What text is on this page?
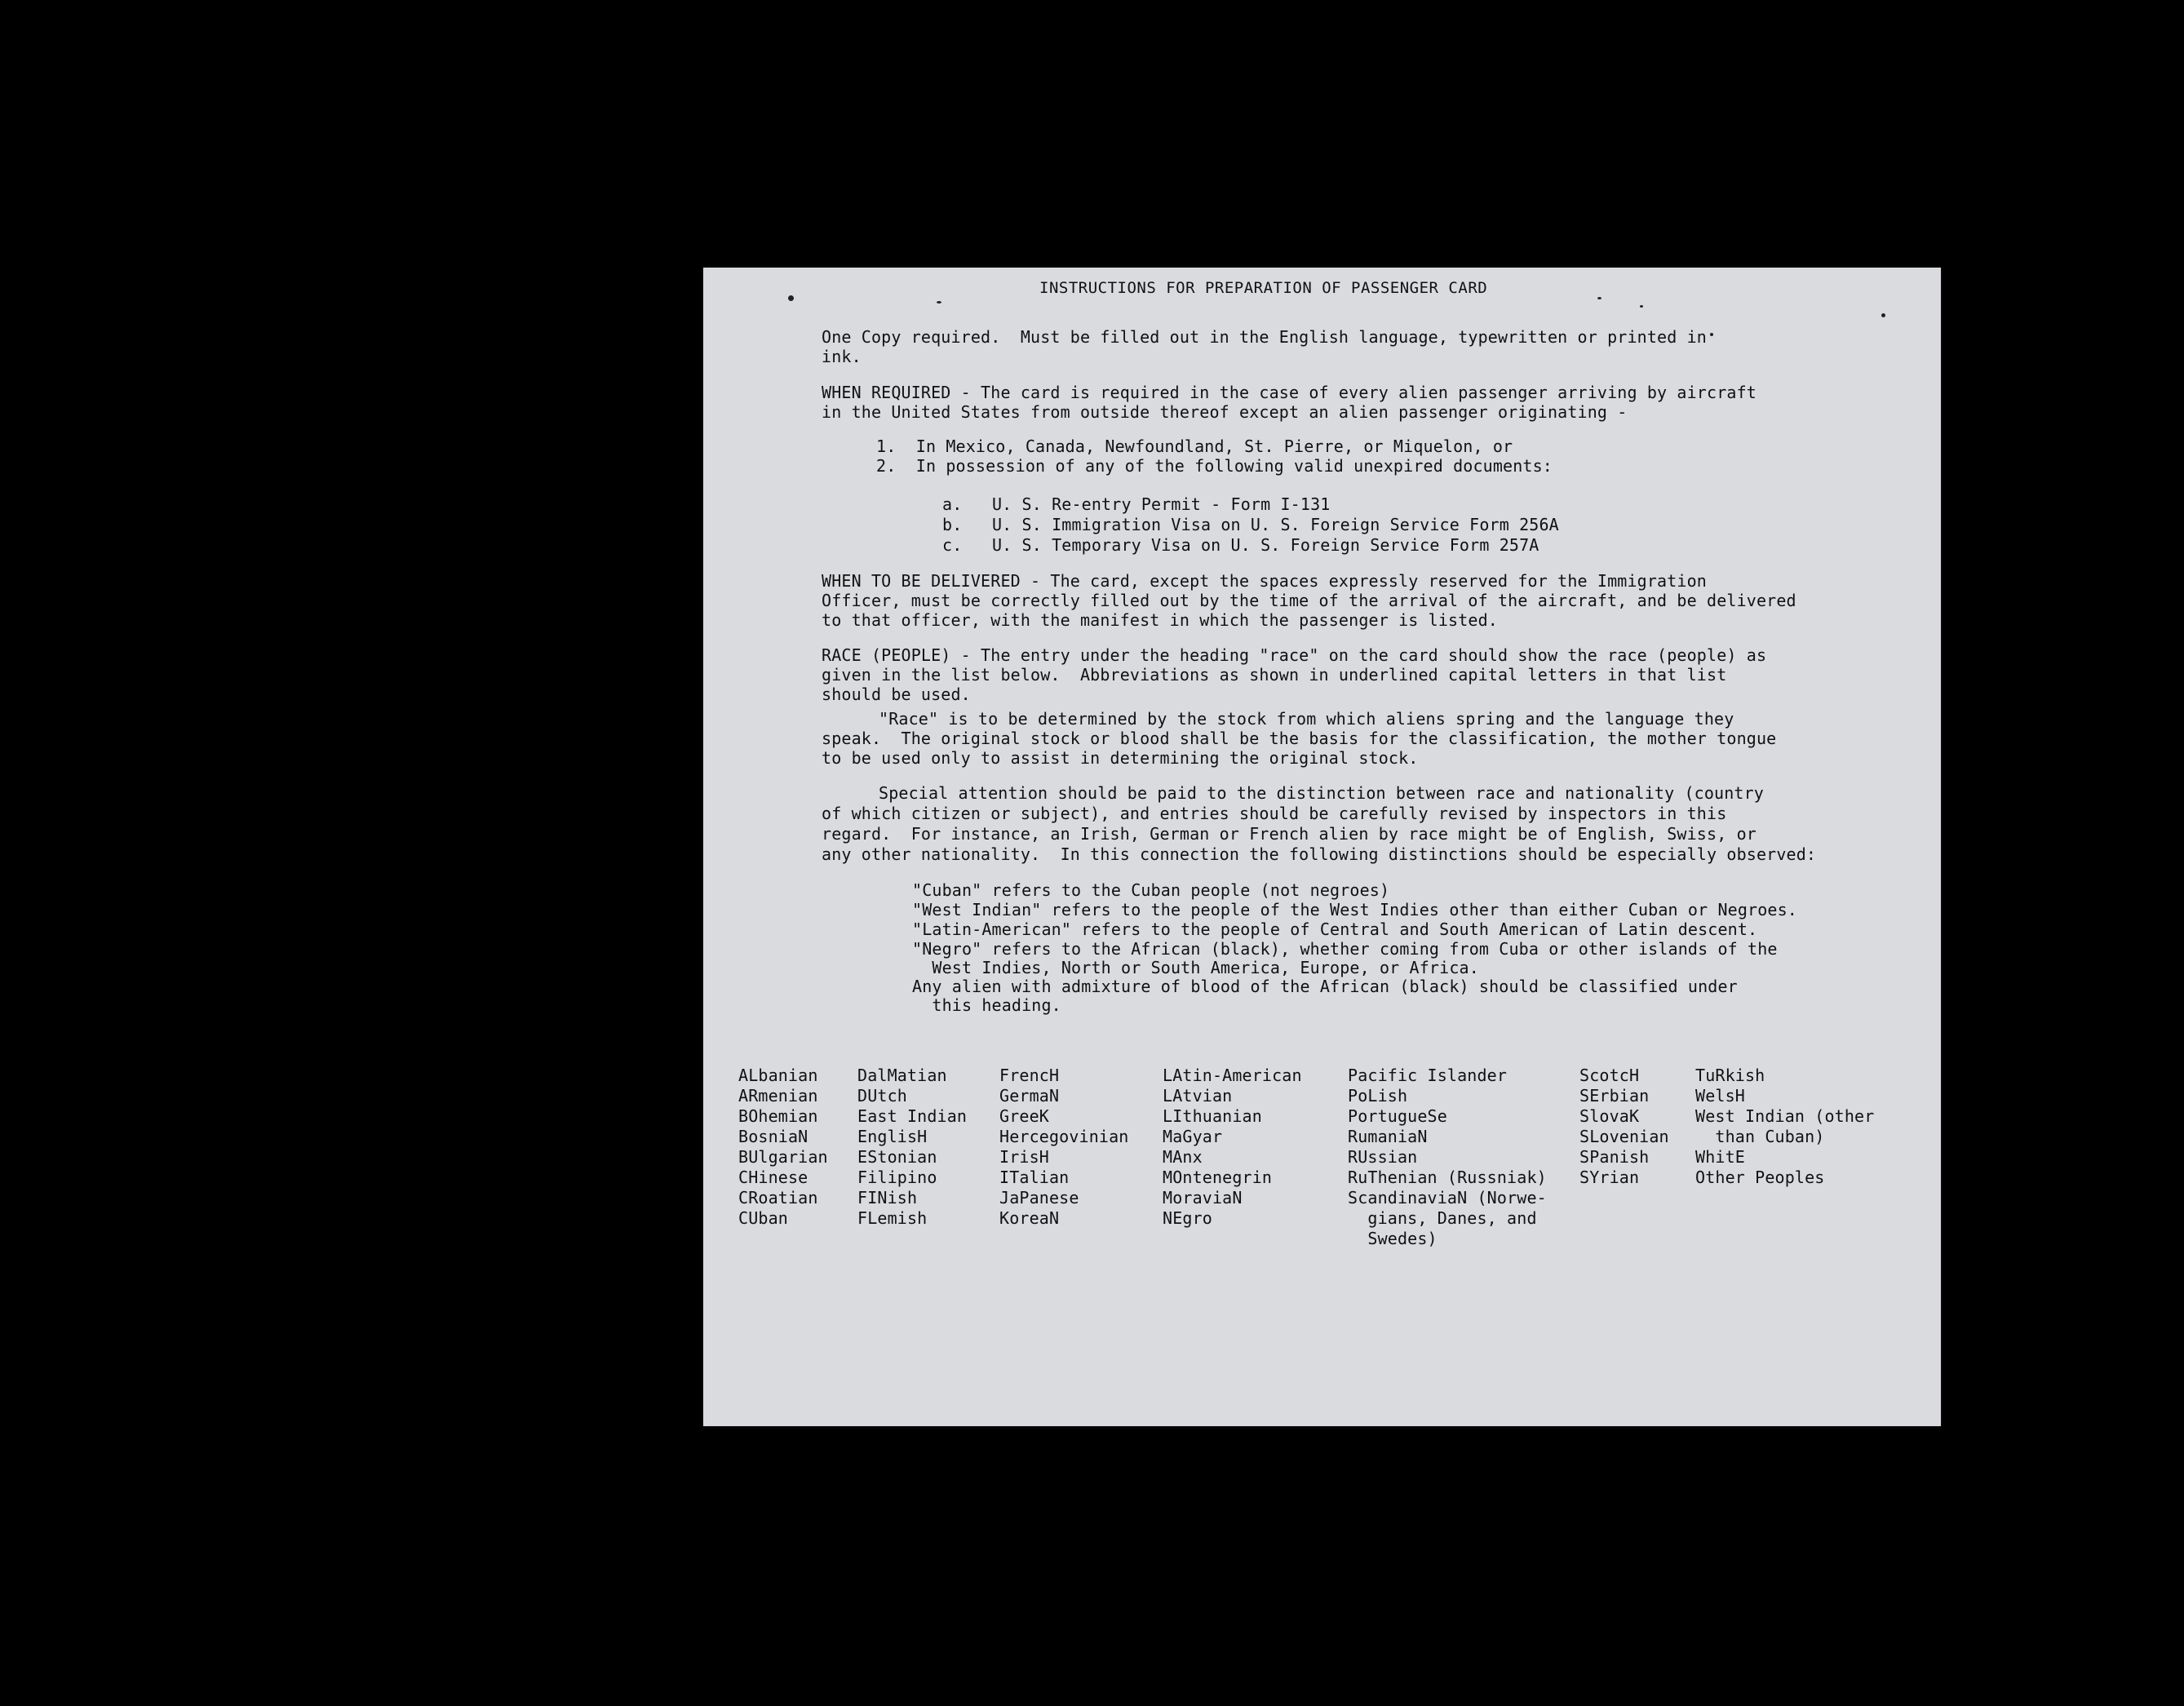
INSTRUCTIONS FOR PREPARATION OF PASSENGER CARD
One Copy required.  Must be filled out in the English language, typewritten or printed in
ink.
WHEN REQUIRED - The card is required in the case of every alien passenger arriving by aircraft
in the United States from outside thereof except an alien passenger originating -
1.  In Mexico, Canada, Newfoundland, St. Pierre, or Miquelon, or
2.  In possession of any of the following valid unexpired documents:
a.   U. S. Re-entry Permit - Form I-131
b.   U. S. Immigration Visa on U. S. Foreign Service Form 256A
c.   U. S. Temporary Visa on U. S. Foreign Service Form 257A
WHEN TO BE DELIVERED - The card, except the spaces expressly reserved for the Immigration
Officer, must be correctly filled out by the time of the arrival of the aircraft, and be delivered
to that officer, with the manifest in which the passenger is listed.
RACE (PEOPLE) - The entry under the heading "race" on the card should show the race (people) as
given in the list below.  Abbreviations as shown in underlined capital letters in that list
should be used.
"Race" is to be determined by the stock from which aliens spring and the language they
speak.  The original stock or blood shall be the basis for the classification, the mother tongue
to be used only to assist in determining the original stock.
Special attention should be paid to the distinction between race and nationality (country
of which citizen or subject), and entries should be carefully revised by inspectors in this
regard.  For instance, an Irish, German or French alien by race might be of English, Swiss, or
any other nationality.  In this connection the following distinctions should be especially observed:
"Cuban" refers to the Cuban people (not negroes)
"West Indian" refers to the people of the West Indies other than either Cuban or Negroes.
"Latin-American" refers to the people of Central and South American of Latin descent.
"Negro" refers to the African (black), whether coming from Cuba or other islands of the
West Indies, North or South America, Europe, or Africa.
Any alien with admixture of blood of the African (black) should be classified under
this heading.
ALbanian
ARmenian
BOhemian
BosniaN
BUlgarian
CHinese
CRoatian
CUban
DalMatian
DUtch
East Indian
EnglisH
EStonian
Filipino
FINish
FLemish
FrencH
GermaN
GreeK
Hercegovinian
IrisH
ITalian
JaPanese
KoreaN
LAtin-American
LAtvian
LIthuanian
MaGyar
MAnx
MOntenegrin
MoraviaN
NEgro
Pacific Islander
PoLish
PortugueSe
RumaniaN
RUssian
RuThenian (Russniak)
ScandinaviaN (Norwe-
gians, Danes, and
Swedes)
ScotcH
SErbian
SlovaK
SLovenian
SPanish
SYrian
TuRkish
WelsH
West Indian (other
than Cuban)
WhitE
Other Peoples
